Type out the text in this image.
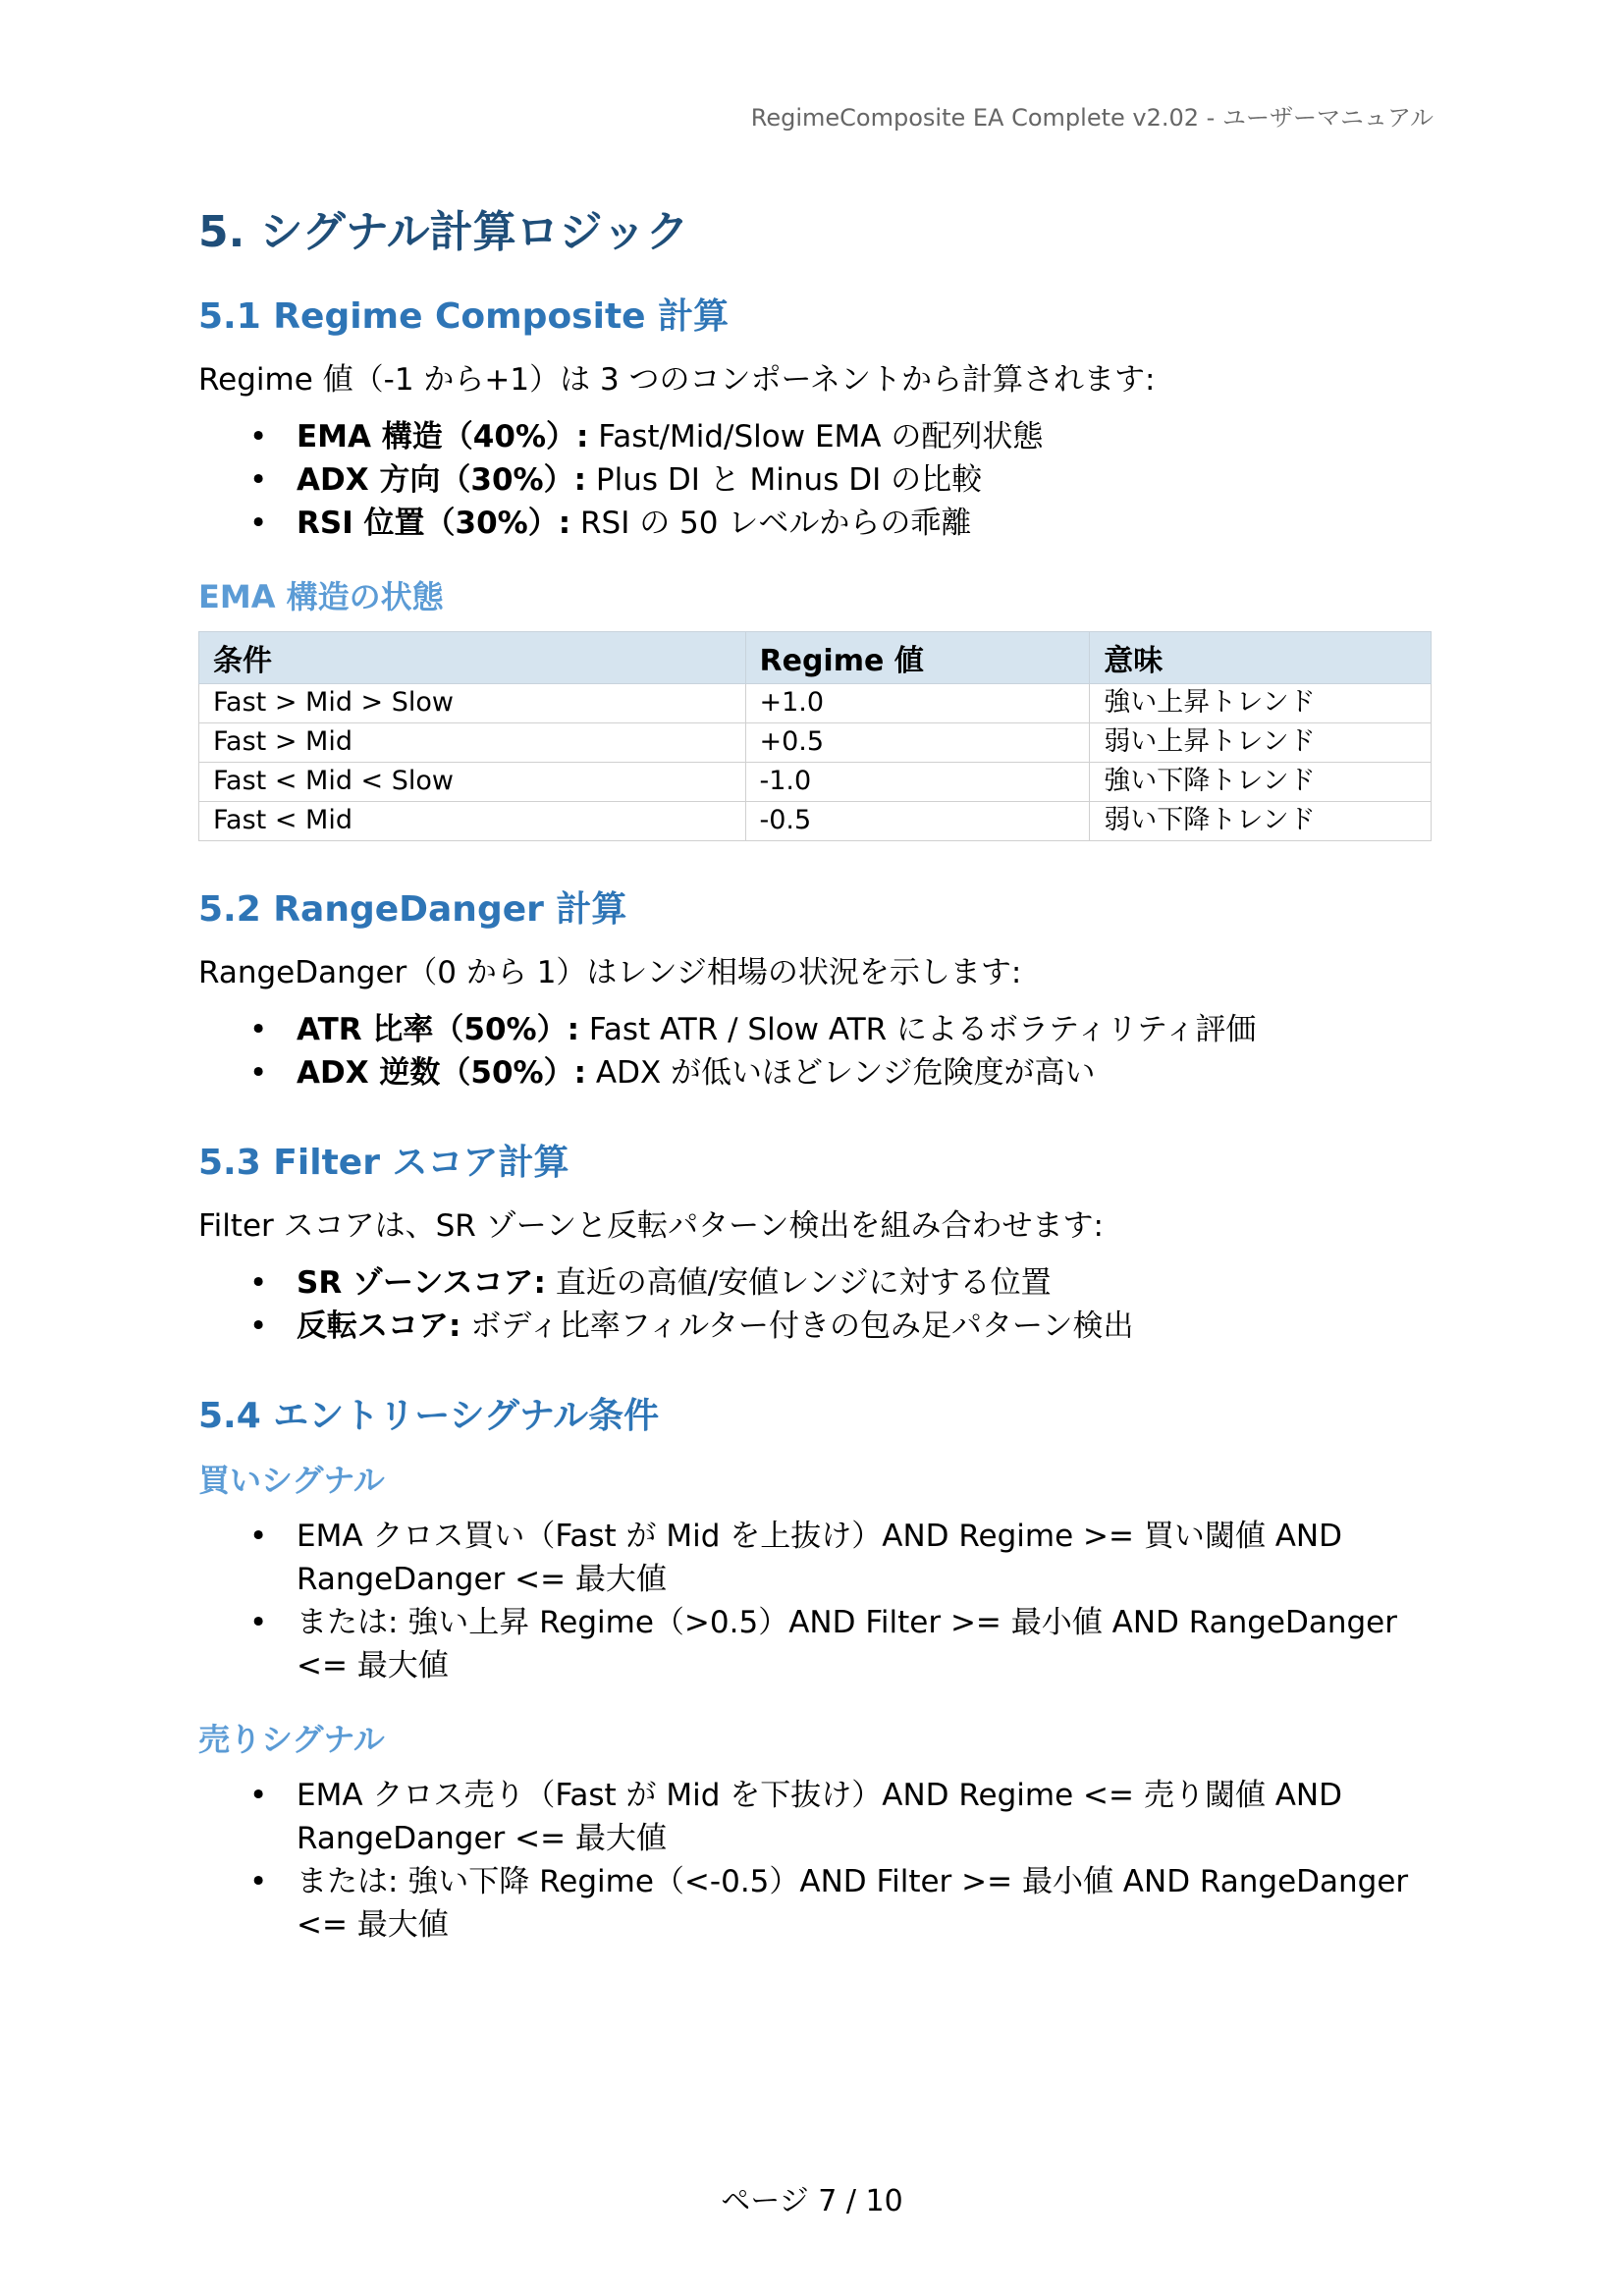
RegimeComposite EA Complete v2.02 - ユーザーマニュアル
5. シグナル計算ロジック
5.1 Regime Composite 計算

Regime 値（-1 から+1）は 3 つのコンポーネントから計算されます:

• EMA 構造（40%）: Fast/Mid/Slow EMA の配列状態
• ADX 方向（30%）: Plus DI と Minus DI の比較
• RSI 位置（30%）: RSI の 50 レベルからの乖離
EMA 構造の状態
条件	Regime 値	意味
Fast > Mid > Slow	+1.0	強い上昇トレンド
Fast > Mid	+0.5	弱い上昇トレンド
Fast < Mid < Slow	-1.0	強い下降トレンド
Fast < Mid	-0.5	弱い下降トレンド
5.2 RangeDanger 計算

RangeDanger（0 から 1）はレンジ相場の状況を示します:

• ATR 比率（50%）: Fast ATR / Slow ATR によるボラティリティ評価
• ADX 逆数（50%）: ADX が低いほどレンジ危険度が高い
5.3 Filter スコア計算

Filter スコアは、SR ゾーンと反転パターン検出を組み合わせます:

• SR ゾーンスコア: 直近の高値/安値レンジに対する位置
• 反転スコア: ボディ比率フィルター付きの包み足パターン検出
5.4 エントリーシグナル条件
買いシグナル
• EMA クロス買い（Fast が Mid を上抜け）AND Regime >= 買い閾値 AND
RangeDanger <= 最大値
• または: 強い上昇 Regime（>0.5）AND Filter >= 最小値 AND RangeDanger
<= 最大値
売りシグナル
• EMA クロス売り（Fast が Mid を下抜け）AND Regime <= 売り閾値 AND
RangeDanger <= 最大値
• または: 強い下降 Regime（<-0.5）AND Filter >= 最小値 AND RangeDanger
<= 最大値
ページ 7 / 10
